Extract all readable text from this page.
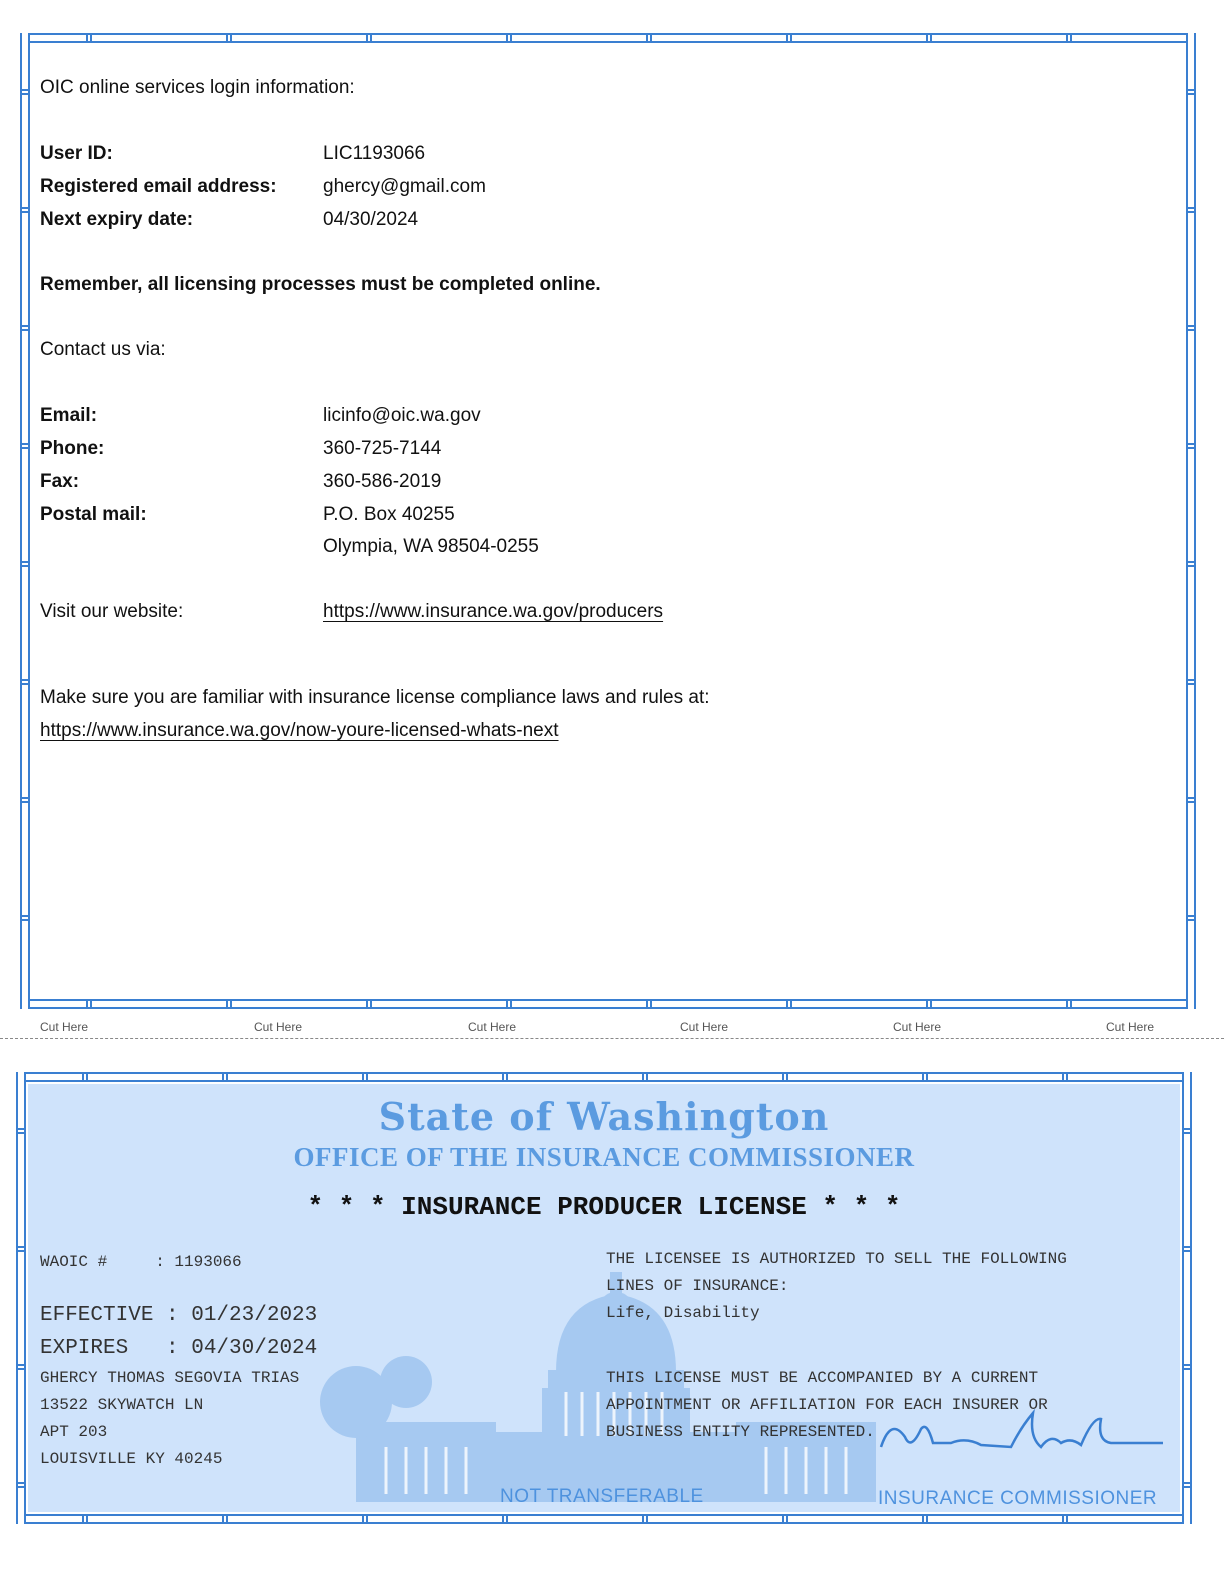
OIC online services login information:
User ID:	LIC1193066
Registered email address: ghercy@gmail.com
Next expiry date:	04/30/2024
Remember, all licensing processes must be completed online.
Contact us via:
Email:	licinfo@oic.wa.gov
Phone:	360-725-7144
Fax:	360-586-2019
Postal mail:	P.O. Box 40255
Olympia, WA 98504-0255
Visit our website:	https://www.insurance.wa.gov/producers
Make sure you are familiar with insurance license compliance laws and rules at:
https://www.insurance.wa.gov/now-youre-licensed-whats-next
Cut Here	Cut Here	Cut Here	Cut Here	Cut Here	Cut Here
State of Washington
OFFICE OF THE INSURANCE COMMISSIONER
* * * INSURANCE PRODUCER LICENSE * * *
WAOIC #     : 1193066
EFFECTIVE : 01/23/2023
EXPIRES   : 04/30/2024
GHERCY THOMAS SEGOVIA TRIAS
13522 SKYWATCH LN
APT 203
LOUISVILLE KY 40245
THE LICENSEE IS AUTHORIZED TO SELL THE FOLLOWING
LINES OF INSURANCE:
Life, Disability
THIS LICENSE MUST BE ACCOMPANIED BY A CURRENT
APPOINTMENT OR AFFILIATION FOR EACH INSURER OR
BUSINESS ENTITY REPRESENTED.
NOT TRANSFERABLE	INSURANCE COMMISSIONER
